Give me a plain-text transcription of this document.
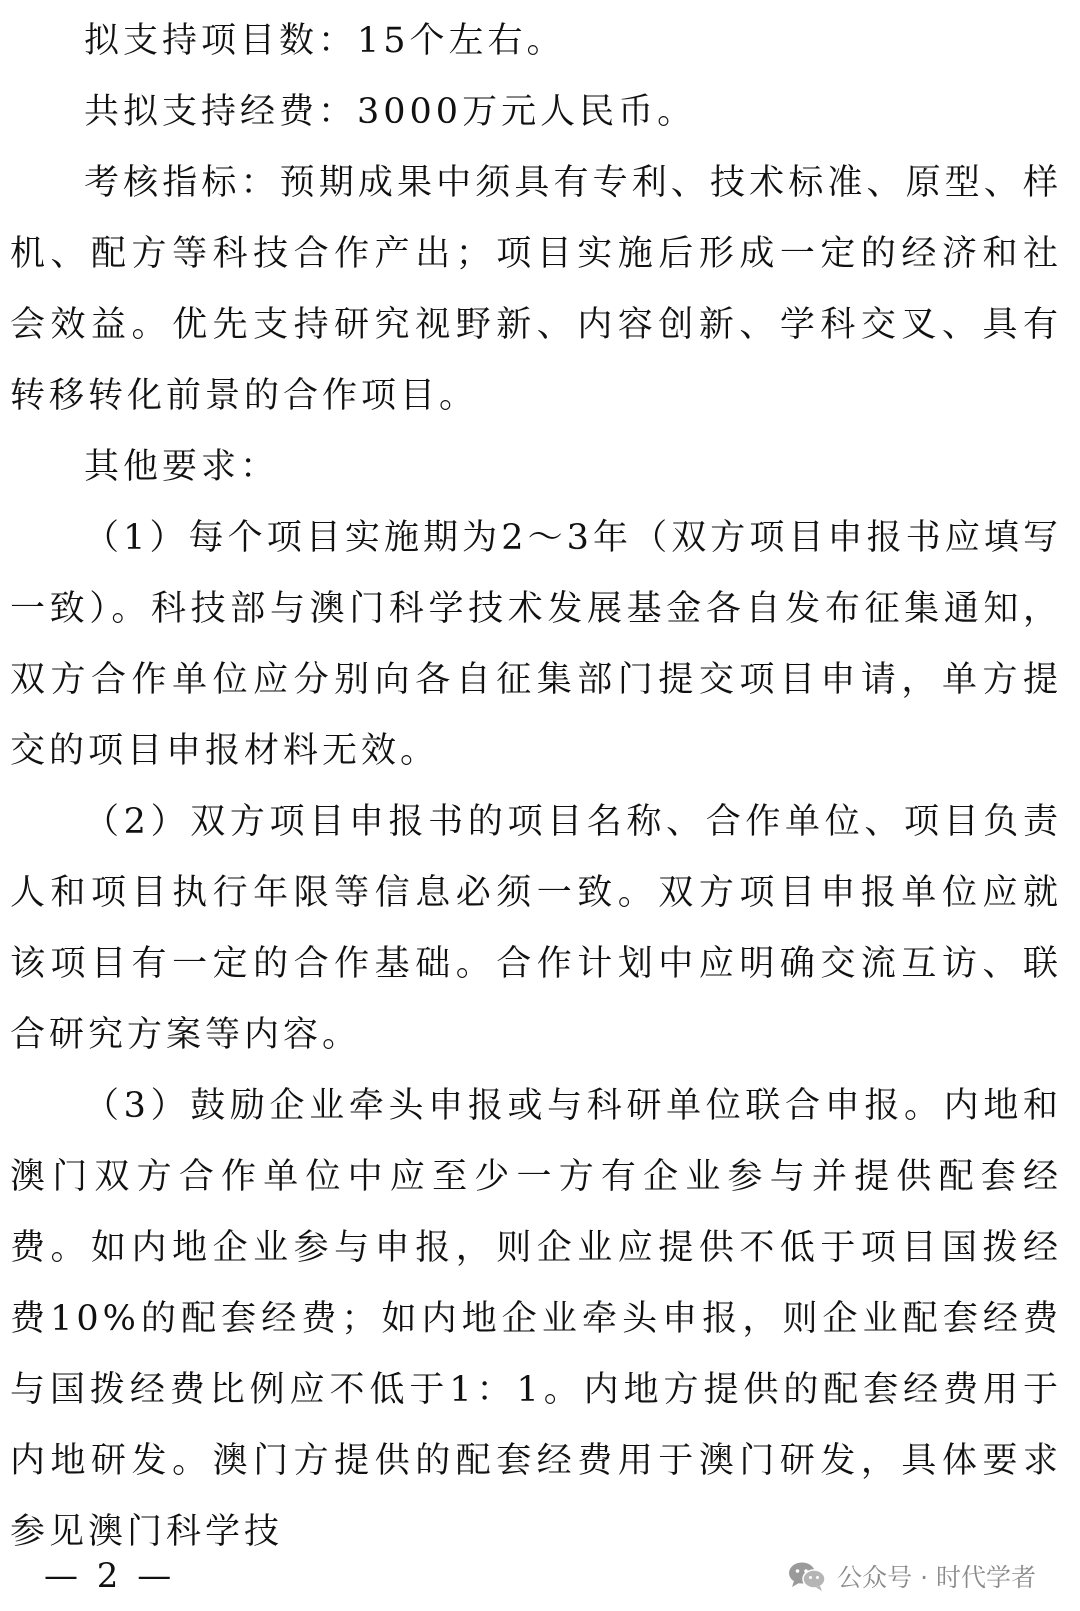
拟支持项目数：15个左右。

共拟支持经费：3000万元人民币。

考核指标：预期成果中须具有专利、技术标准、原型、样机、配方等科技合作产出；项目实施后形成一定的经济和社会效益。优先支持研究视野新、内容创新、学科交叉、具有转移转化前景的合作项目。

其他要求：

（1）每个项目实施期为2～3年（双方项目申报书应填写一致）。科技部与澳门科学技术发展基金各自发布征集通知，双方合作单位应分别向各自征集部门提交项目申请，单方提交的项目申报材料无效。

（2）双方项目申报书的项目名称、合作单位、项目负责人和项目执行年限等信息必须一致。双方项目申报单位应就该项目有一定的合作基础。合作计划中应明确交流互访、联合研究方案等内容。

（3）鼓励企业牵头申报或与科研单位联合申报。内地和澳门双方合作单位中应至少一方有企业参与并提供配套经费。如内地企业参与申报，则企业应提供不低于项目国拨经费10%的配套经费；如内地企业牵头申报，则企业配套经费与国拨经费比例应不低于1：1。内地方提供的配套经费用于内地研发。澳门方提供的配套经费用于澳门研发，具体要求参见澳门科学技

— 2 —	公众号 · 时代学者
